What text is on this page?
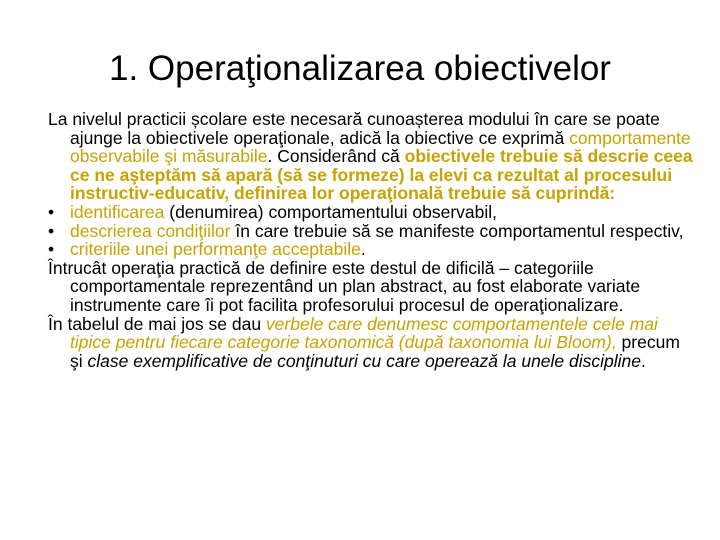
1. Operaţionalizarea obiectivelor

La nivelul practicii școlare este necesară cunoașterea modului în care se poate ajunge la obiectivele operaţionale, adică la obiective ce exprimă comportamente observabile şi măsurabile. Considerând că obiectivele trebuie să descrie ceea ce ne aşteptăm să apară (să se formeze) la elevi ca rezultat al procesului instructiv-educativ, definirea lor operaţională trebuie să cuprindă:

• identificarea (denumirea) comportamentului observabil,

• descrierea condiţiilor în care trebuie să se manifeste comportamentul respectiv,

• criteriile unei performanţe acceptabile.

Întrucât operaţia practică de definire este destul de dificilă – categoriile comportamentale reprezentând un plan abstract, au fost elaborate variate instrumente care îi pot facilita profesorului procesul de operaţionalizare.

În tabelul de mai jos se dau verbele care denumesc comportamentele cele mai tipice pentru fiecare categorie taxonomică (după taxonomia lui Bloom), precum şi clase exemplificative de conţinuturi cu care operează la unele discipline.
